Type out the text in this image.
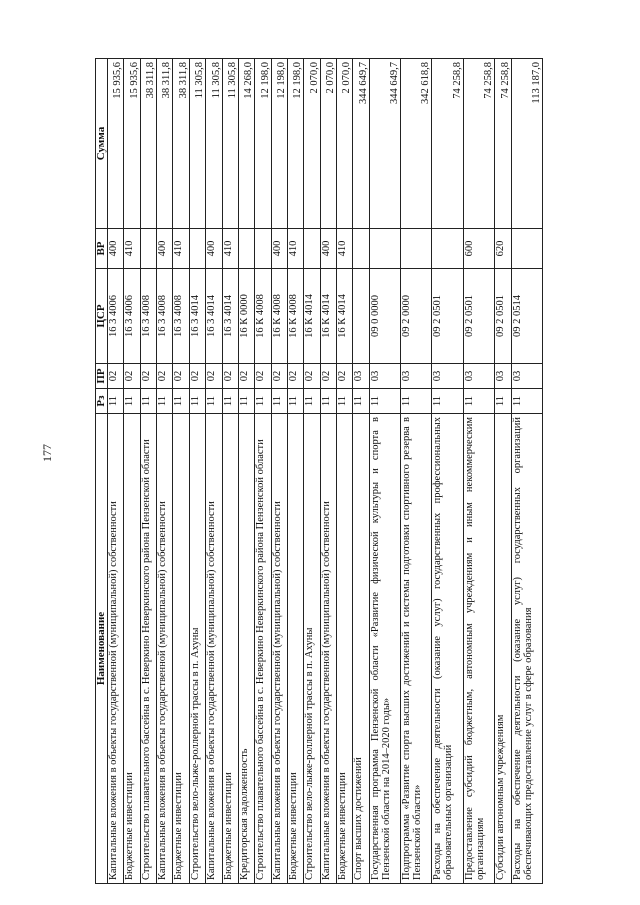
177
Наименование	Рз	ПР	ЦСР	ВР	Сумма
Капитальные вложения в объекты государственной (муниципальной) собственности	11	02	16 3 4006	400	15 935,6
Бюджетные инвестиции	11	02	16 3 4006	410	15 935,6
Строительство плавательного бассейна в с. Неверкино Неверкинского района Пензенской области	11	02	16 3 4008		38 311,8
Капитальные вложения в объекты государственной (муниципальной) собственности	11	02	16 3 4008	400	38 311,8
Бюджетные инвестиции	11	02	16 3 4008	410	38 311,8
Строительство вело-лыже-роллерной трассы в п. Ахуны	11	02	16 3 4014		11 305,8
Капитальные вложения в объекты государственной (муниципальной) собственности	11	02	16 3 4014	400	11 305,8
Бюджетные инвестиции	11	02	16 3 4014	410	11 305,8
Кредиторская задолженность	11	02	16 К 0000		14 268,0
Строительство плавательного бассейна в с. Неверкино Неверкинского района Пензенской области	11	02	16 К 4008		12 198,0
Капитальные вложения в объекты государственной (муниципальной) собственности	11	02	16 К 4008	400	12 198,0
Бюджетные инвестиции	11	02	16 К 4008	410	12 198,0
Строительство вело-лыже-роллерной трассы в п. Ахуны	11	02	16 К 4014		2 070,0
Капитальные вложения в объекты государственной (муниципальной) собственности	11	02	16 К 4014	400	2 070,0
Бюджетные инвестиции	11	02	16 К 4014	410	2 070,0
Спорт высших достижений	11	03			344 649,7
Государственная программа Пензенской области «Развитие физической культуры и спорта в Пензенской области на 2014–2020 годы»	11	03	09 0 0000		344 649,7
Подпрограмма «Развитие спорта высших достижений и системы подготовки спортивного резерва в Пензенской области»	11	03	09 2 0000		342 618,8
Расходы на обеспечение деятельности (оказание услуг) государственных профессиональных образовательных организаций	11	03	09 2 0501		74 258,8
Предоставление субсидий бюджетным, автономным учреждениям и иным некоммерческим организациям	11	03	09 2 0501	600	74 258,8
Субсидии автономным учреждениям	11	03	09 2 0501	620	74 258,8
Расходы на обеспечение деятельности (оказание услуг) государственных организаций обеспечивающих предоставление услуг в сфере образования	11	03	09 2 0514		113 187,0
